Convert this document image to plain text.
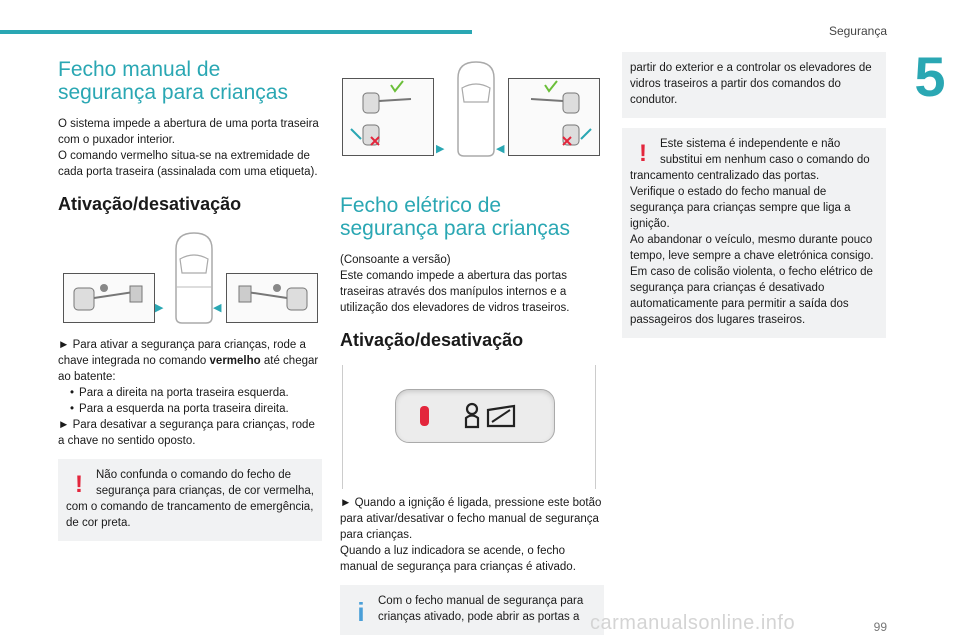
Segurança
5
Fecho manual de segurança para crianças

O sistema impede a abertura de uma porta traseira com o puxador interior.

O comando vermelho situa-se na extremidade de cada porta traseira (assinalada com uma etiqueta).

Ativação/desativação
▶	◀

► Para ativar a segurança para crianças, rode a chave integrada no comando vermelho até chegar ao batente:

• Para a direita na porta traseira esquerda.

• Para a esquerda na porta traseira direita.

► Para desativar a segurança para crianças, rode a chave no sentido oposto.

!	Não confunda o comando do fecho de segurança para crianças, de cor vermelha,
com o comando de trancamento de emergência, de cor preta.
▶	◀
Fecho elétrico de segurança para crianças

(Consoante a versão)

Este comando impede a abertura das portas traseiras através dos manípulos internos e a utilização dos elevadores de vidros traseiros.

Ativação/desativação

► Quando a ignição é ligada, pressione este botão para ativar/desativar o fecho manual de segurança para crianças.

Quando a luz indicadora se acende, o fecho manual de segurança para crianças é ativado.

i	Com o fecho manual de segurança para crianças ativado, pode abrir as portas a
partir do exterior e a controlar os elevadores de vidros traseiros a partir dos comandos do condutor.
!	Este sistema é independente e não substitui em nenhum caso o comando do
trancamento centralizado das portas.
Verifique o estado do fecho manual de segurança para crianças sempre que liga a ignição.
Ao abandonar o veículo, mesmo durante pouco tempo, leve sempre a chave eletrónica consigo.
Em caso de colisão violenta, o fecho elétrico de segurança para crianças é desativado automaticamente para permitir a saída dos passageiros dos lugares traseiros.
99
carmanualsonline.info
